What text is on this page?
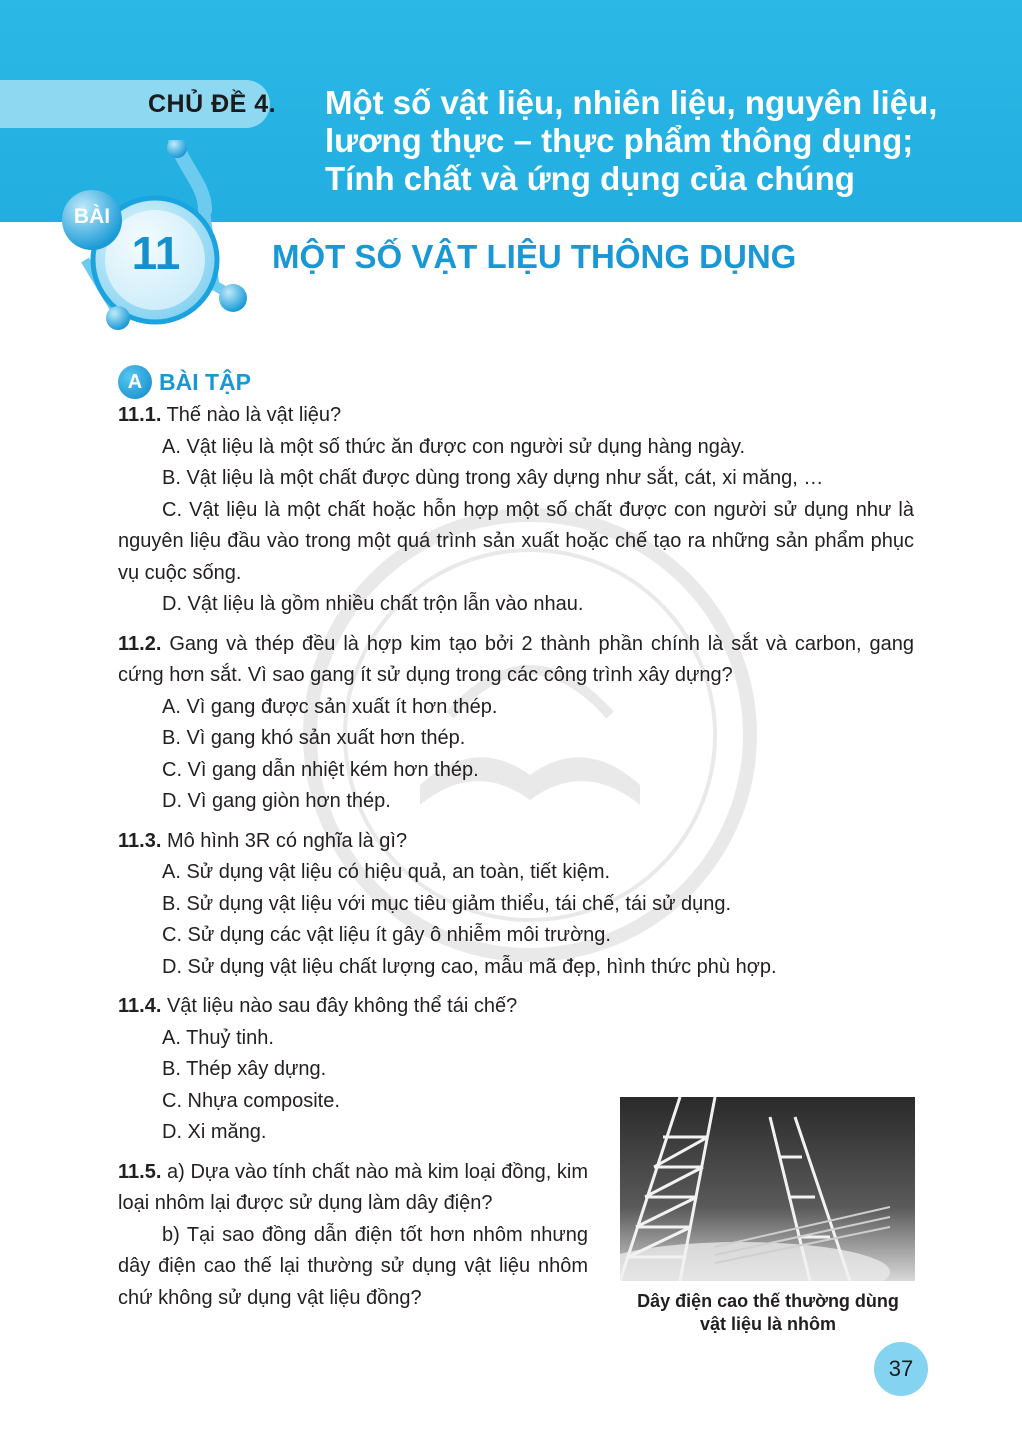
CHỦ ĐỀ 4. Một số vật liệu, nhiên liệu, nguyên liệu,
lương thực – thực phẩm thông dụng;
Tính chất và ứng dụng của chúng
BÀI
11	MỘT SỐ VẬT LIỆU THÔNG DỤNG
A BÀI TẬP
11.1. Thế nào là vật liệu?
A. Vật liệu là một số thức ăn được con người sử dụng hàng ngày.
B. Vật liệu là một chất được dùng trong xây dựng như sắt, cát, xi măng, …
C. Vật liệu là một chất hoặc hỗn hợp một số chất được con người sử dụng như là nguyên liệu đầu vào trong một quá trình sản xuất hoặc chế tạo ra những sản phẩm phục vụ cuộc sống.
D. Vật liệu là gồm nhiều chất trộn lẫn vào nhau.
11.2. Gang và thép đều là hợp kim tạo bởi 2 thành phần chính là sắt và carbon, gang cứng hơn sắt. Vì sao gang ít sử dụng trong các công trình xây dựng?
A. Vì gang được sản xuất ít hơn thép.
B. Vì gang khó sản xuất hơn thép.
C. Vì gang dẫn nhiệt kém hơn thép.
D. Vì gang giòn hơn thép.
11.3. Mô hình 3R có nghĩa là gì?
A. Sử dụng vật liệu có hiệu quả, an toàn, tiết kiệm.
B. Sử dụng vật liệu với mục tiêu giảm thiểu, tái chế, tái sử dụng.
C. Sử dụng các vật liệu ít gây ô nhiễm môi trường.
D. Sử dụng vật liệu chất lượng cao, mẫu mã đẹp, hình thức phù hợp.
11.4. Vật liệu nào sau đây không thể tái chế?
A. Thuỷ tinh.
B. Thép xây dựng.
C. Nhựa composite.
D. Xi măng.
11.5. a) Dựa vào tính chất nào mà kim loại đồng, kim loại nhôm lại được sử dụng làm dây điện?
b) Tại sao đồng dẫn điện tốt hơn nhôm nhưng dây điện cao thế lại thường sử dụng vật liệu nhôm chứ không sử dụng vật liệu đồng?	Dây điện cao thế thường dùng
vật liệu là nhôm
37
